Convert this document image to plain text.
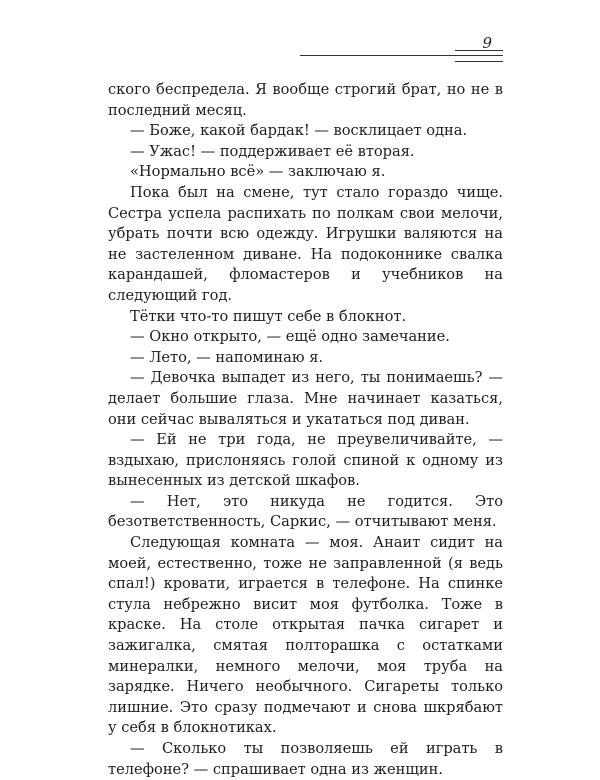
9

ского беспредела. Я вообще строгий брат, но не в последний месяц.

— Боже, какой бардак! — восклицает одна.

— Ужас! — поддерживает её вторая.

«Нормально всё» — заключаю я.

Пока был на смене, тут стало гораздо чище. Сестра успела распихать по полкам свои мелочи, убрать почти всю одежду. Игрушки валяются на не застеленном диване. На подоконнике свалка карандашей, фломастеров и учебников на следующий год.

Тётки что-то пишут себе в блокнот.

— Окно открыто, — ещё одно замечание.

— Лето, — напоминаю я.

— Девочка выпадет из него, ты понимаешь? — делает большие глаза. Мне начинает казаться, они сейчас вываляться и укататься под диван.

— Ей не три года, не преувеличивайте, — вздыхаю, прислоняясь голой спиной к одному из вынесенных из детской шкафов.

— Нет, это никуда не годится. Это безответственность, Саркис, — отчитывают меня.

Следующая комната — моя. Анаит сидит на моей, естественно, тоже не заправленной (я ведь спал!) кровати, играется в телефоне. На спинке стула небрежно висит моя футболка. Тоже в краске. На столе открытая пачка сигарет и зажигалка, смятая полторашка с остатками минералки, немного мелочи, моя труба на зарядке. Ничего необычного. Сигареты только лишние. Это сразу подмечают и снова шкрябают у себя в блокнотиках.

— Сколько ты позволяешь ей играть в телефоне? — спрашивает одна из женщин.
